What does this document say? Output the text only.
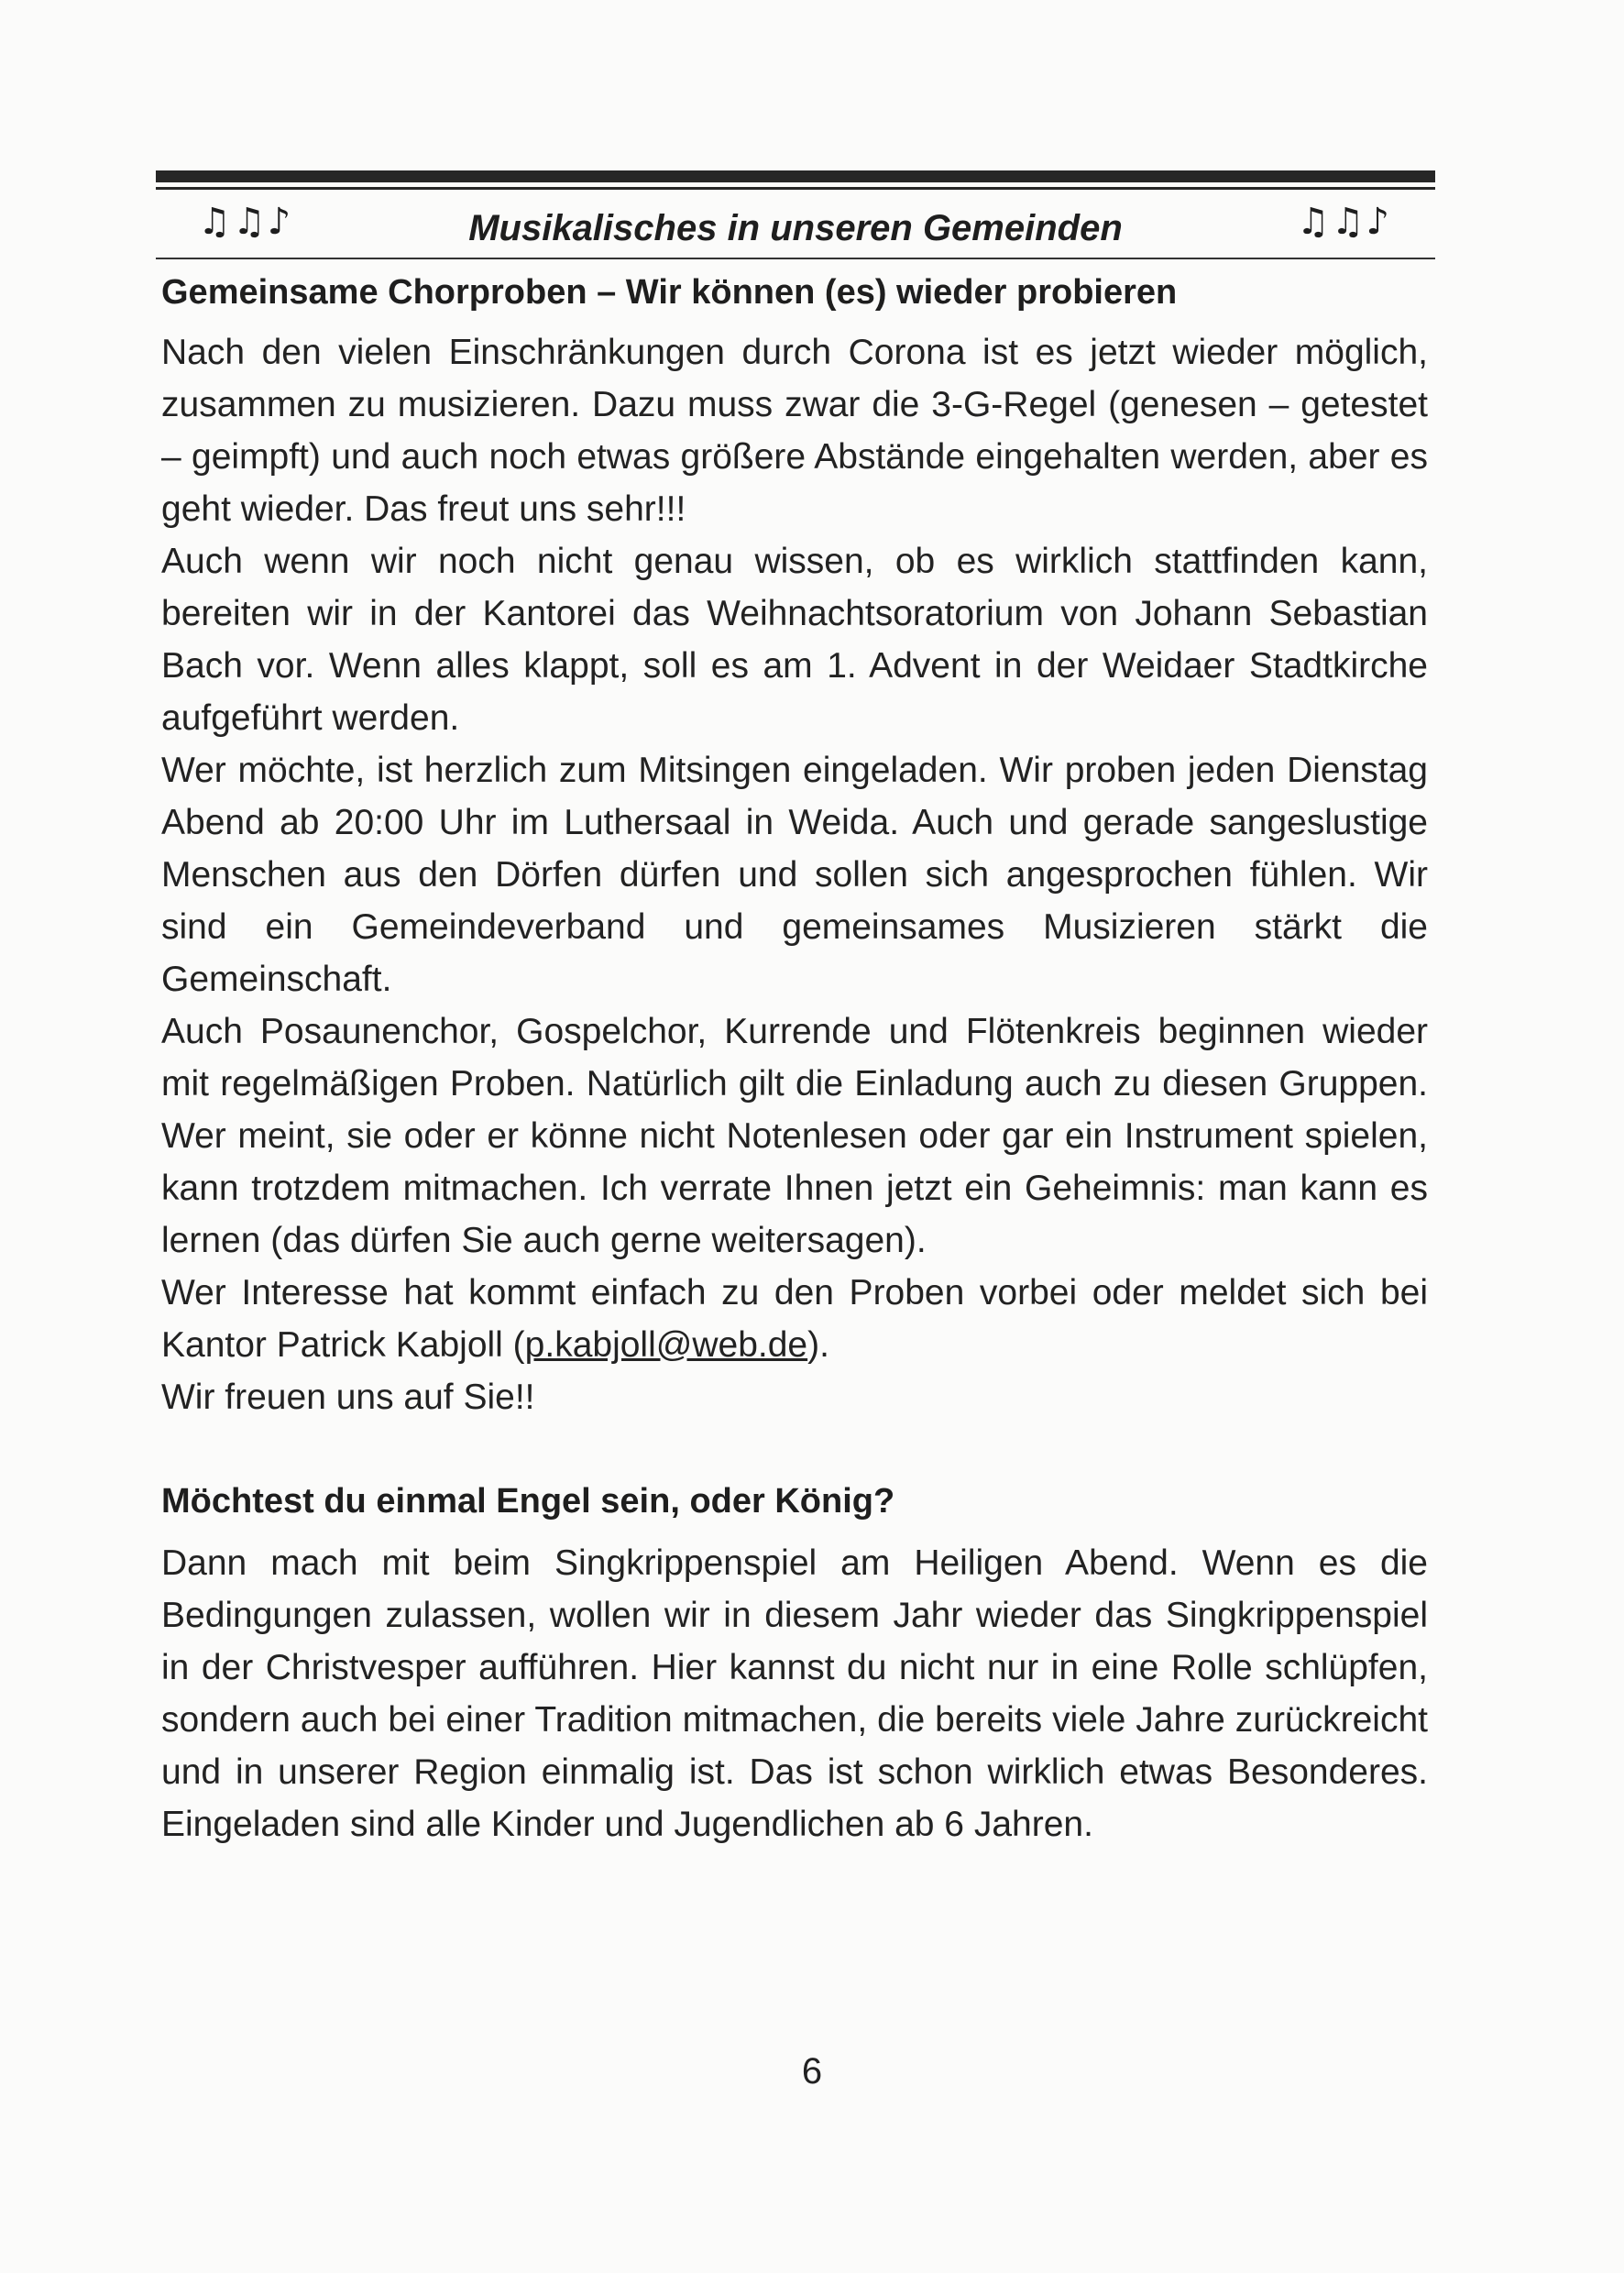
♫♫♪	Musikalisches in unseren Gemeinden	♫♫♪
Gemeinsame Chorproben – Wir können (es) wieder probieren

Nach den vielen Einschränkungen durch Corona ist es jetzt wieder möglich, zusammen zu musizieren. Dazu muss zwar die 3-G-Regel (genesen – getestet – geimpft) und auch noch etwas größere Abstände eingehalten werden, aber es geht wieder. Das freut uns sehr!!!

Auch wenn wir noch nicht genau wissen, ob es wirklich stattfinden kann, bereiten wir in der Kantorei das Weihnachtsoratorium von Johann Sebastian Bach vor. Wenn alles klappt, soll es am 1. Advent in der Weidaer Stadtkirche aufgeführt werden.

Wer möchte, ist herzlich zum Mitsingen eingeladen. Wir proben jeden Dienstag Abend ab 20:00 Uhr im Luthersaal in Weida. Auch und gerade sangeslustige Menschen aus den Dörfen dürfen und sollen sich angesprochen fühlen. Wir sind ein Gemeindeverband und gemeinsames Musizieren stärkt die Gemeinschaft.

Auch Posaunenchor, Gospelchor, Kurrende und Flötenkreis beginnen wieder mit regelmäßigen Proben. Natürlich gilt die Einladung auch zu diesen Gruppen. Wer meint, sie oder er könne nicht Notenlesen oder gar ein Instrument spielen, kann trotzdem mitmachen. Ich verrate Ihnen jetzt ein Geheimnis: man kann es lernen (das dürfen Sie auch gerne weitersagen).

Wer Interesse hat kommt einfach zu den Proben vorbei oder meldet sich bei Kantor Patrick Kabjoll (p.kabjoll@web.de).

Wir freuen uns auf Sie!!

Möchtest du einmal Engel sein, oder König?

Dann mach mit beim Singkrippenspiel am Heiligen Abend. Wenn es die Bedingungen zulassen, wollen wir in diesem Jahr wieder das Singkrippenspiel in der Christvesper aufführen. Hier kannst du nicht nur in eine Rolle schlüpfen, sondern auch bei einer Tradition mitmachen, die bereits viele Jahre zurückreicht und in unserer Region einmalig ist. Das ist schon wirklich etwas Besonderes. Eingeladen sind alle Kinder und Jugendlichen ab 6 Jahren.

6
